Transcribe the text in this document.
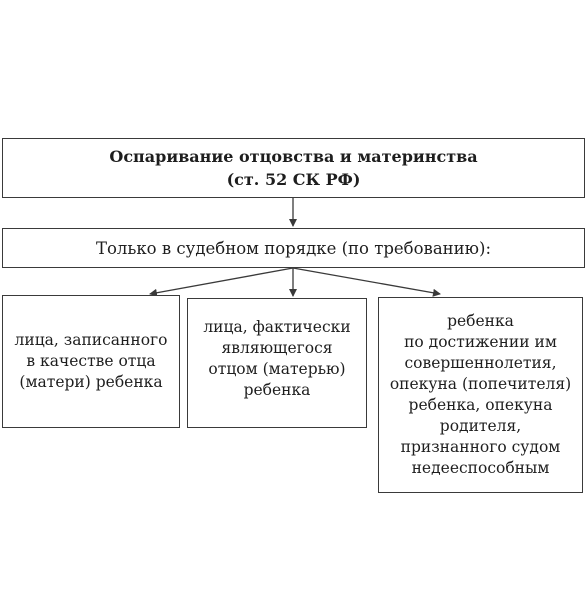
Оспаривание отцовства и материнства
(ст. 52 СК РФ)
Только в судебном порядке (по требованию):
лица, записанного
в качестве отца
(матери) ребенка
лица, фактически
являющегося
отцом (матерью)
ребенка
ребенка
по достижении им
совершеннолетия,
опекуна (попечителя)
ребенка, опекуна
родителя,
признанного судом
недееспособным
